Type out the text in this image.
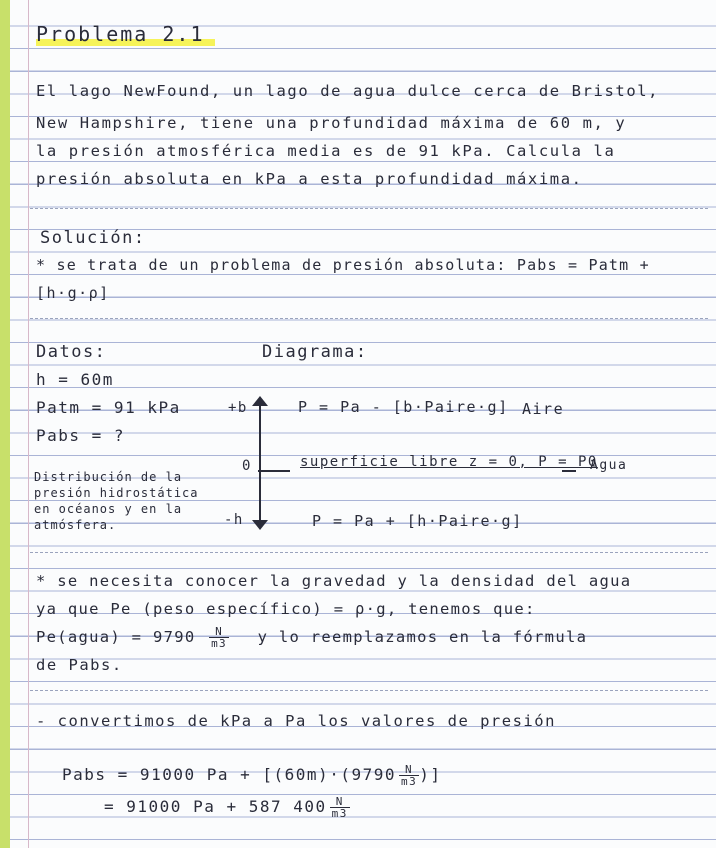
Problema 2.1
El lago NewFound, un lago de agua dulce cerca de Bristol,
New Hampshire, tiene una profundidad máxima de 60 m, y
la presión atmosférica media es de 91 kPa. Calcula la
presión absoluta en kPa a esta profundidad máxima.
Solución:
* se trata de un problema de presión absoluta: Pabs = Patm +
[h·g·ρ]
Datos:
h = 60m
Patm = 91 kPa
Pabs = ?
Distribución de la
presión hidrostática
en océanos y en la
atmósfera.
Diagrama:
+b
0
-h
P = Pa - [b·Paire·g] Aire
superficie libre z = 0, P = P0
Agua
P = Pa + [h·Paire·g]
* se necesita conocer la gravedad y la densidad del agua
ya que Pe (peso específico) = ρ·g, tenemos que:
Pe(agua) = $9790 \frac{N}{m3}$ y lo reemplazamos en la fórmula
de Pabs.
- convertimos de kPa a Pa los valores de presión
Pabs = 91000 $Pa + [(60m)\cdot(9790 \frac{N}{m3}$ )]
= 91000 Pa + 587 $400 \frac{N}{m3}$
